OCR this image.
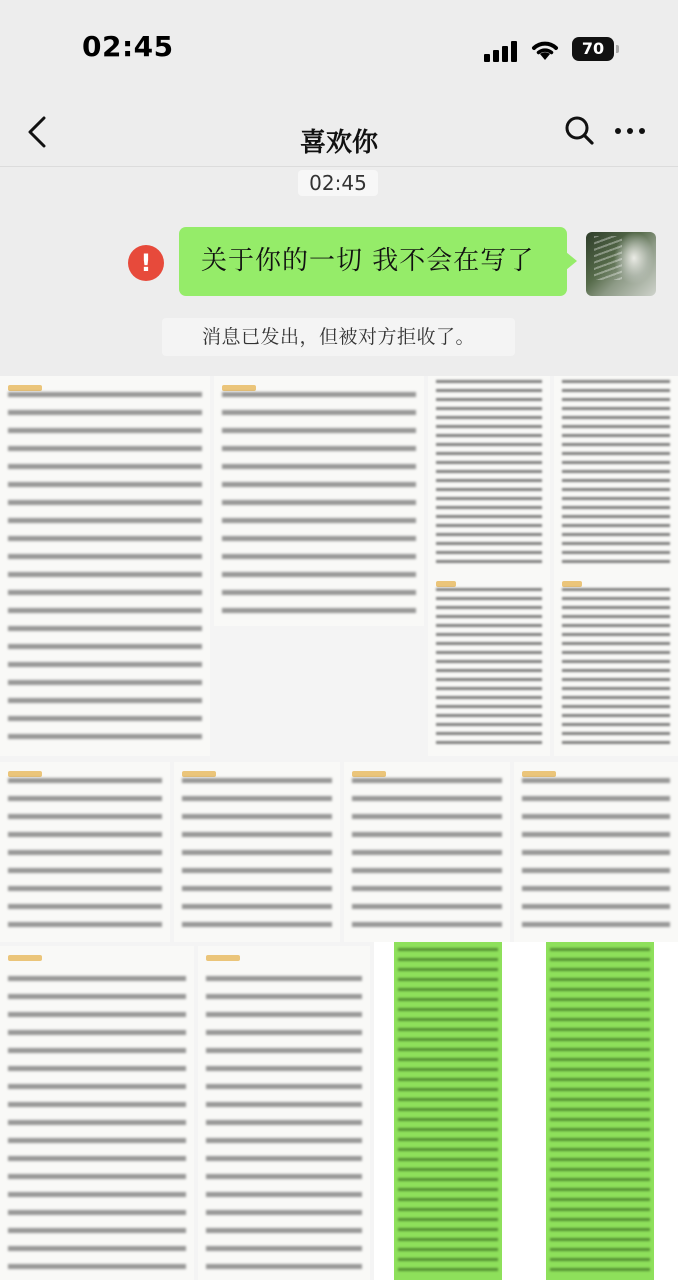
02:45	70
喜欢你
02:45
!	关于你的一切 我不会在写了
消息已发出，但被对方拒收了。
